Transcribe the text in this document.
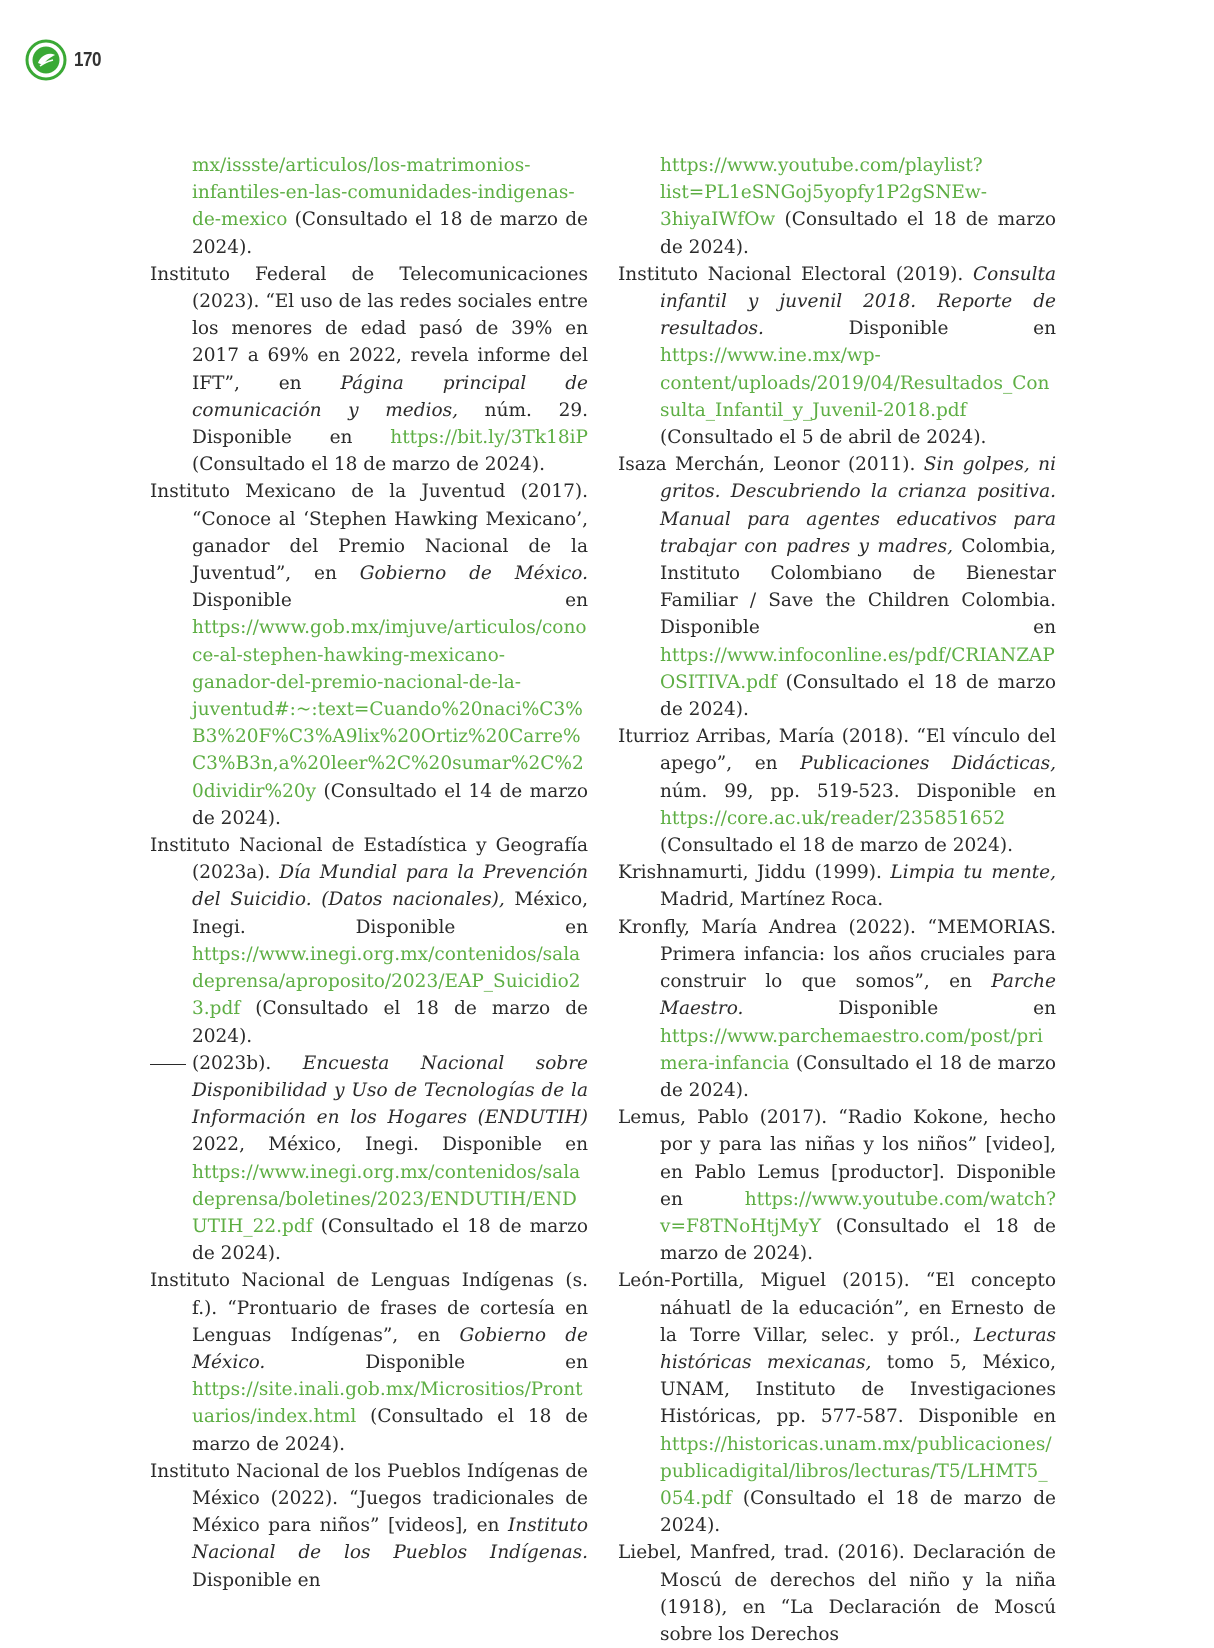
170

mx/issste/articulos/los-matrimonios-infantiles-en-las-comunidades-indigenas-de-mexico (Consultado el 18 de marzo de 2024).

Instituto Federal de Telecomunicaciones (2023). “El uso de las redes sociales entre los menores de edad pasó de 39% en 2017 a 69% en 2022, revela informe del IFT”, en Página principal de comunicación y medios, núm. 29. Disponible en https://bit.ly/3Tk18iP (Consultado el 18 de marzo de 2024).

Instituto Mexicano de la Juventud (2017). “Conoce al ‘Stephen Hawking Mexicano’, ganador del Premio Nacional de la Juventud”, en Gobierno de México. Disponible en https://www.gob.mx/imjuve/articulos/conoce-al-stephen-hawking-mexicano-ganador-del-premio-nacional-de-la-juventud#:~:text=Cuando%20naci%C3%B3%20F%C3%A9lix%20Ortiz%20Carre%C3%B3n,a%20leer%2C%20sumar%2C%20dividir%20y (Consultado el 14 de marzo de 2024).

Instituto Nacional de Estadística y Geografía (2023a). Día Mundial para la Prevención del Suicidio. (Datos nacionales), México, Inegi. Disponible en https://www.inegi.org.mx/contenidos/saladeprensa/aproposito/2023/EAP_Suicidio23.pdf (Consultado el 18 de marzo de 2024).

(2023b). Encuesta Nacional sobre Disponibilidad y Uso de Tecnologías de la Información en los Hogares (ENDUTIH) 2022, México, Inegi. Disponible en https://www.inegi.org.mx/contenidos/saladeprensa/boletines/2023/ENDUTIH/ENDUTIH_22.pdf (Consultado el 18 de marzo de 2024).

Instituto Nacional de Lenguas Indígenas (s. f.). “Prontuario de frases de cortesía en Lenguas Indígenas”, en Gobierno de México. Disponible en https://site.inali.gob.mx/Micrositios/Prontuarios/index.html (Consultado el 18 de marzo de 2024).

Instituto Nacional de los Pueblos Indígenas de México (2022). “Juegos tradicionales de México para niños” [videos], en Instituto Nacional de los Pueblos Indígenas. Disponible en

https://www.youtube.com/playlist?list=PL1eSNGoj5yopfy1P2gSNEw-3hiyaIWfOw (Consultado el 18 de marzo de 2024).

Instituto Nacional Electoral (2019). Consulta infantil y juvenil 2018. Reporte de resultados. Disponible en https://www.ine.mx/wp-content/uploads/2019/04/Resultados_Consulta_Infantil_y_Juvenil-2018.pdf (Consultado el 5 de abril de 2024).

Isaza Merchán, Leonor (2011). Sin golpes, ni gritos. Descubriendo la crianza positiva. Manual para agentes educativos para trabajar con padres y madres, Colombia, Instituto Colombiano de Bienestar Familiar / Save the Children Colombia. Disponible en https://www.infoconline.es/pdf/CRIANZAPOSITIVA.pdf (Consultado el 18 de marzo de 2024).

Iturrioz Arribas, María (2018). “El vínculo del apego”, en Publicaciones Didácticas, núm. 99, pp. 519-523. Disponible en https://core.ac.uk/reader/235851652 (Consultado el 18 de marzo de 2024).

Krishnamurti, Jiddu (1999). Limpia tu mente, Madrid, Martínez Roca.

Kronfly, María Andrea (2022). “MEMORIAS. Primera infancia: los años cruciales para construir lo que somos”, en Parche Maestro. Disponible en https://www.parchemaestro.com/post/primera-infancia (Consultado el 18 de marzo de 2024).

Lemus, Pablo (2017). “Radio Kokone, hecho por y para las niñas y los niños” [video], en Pablo Lemus [productor]. Disponible en https://www.youtube.com/watch?v=F8TNoHtjMyY (Consultado el 18 de marzo de 2024).

León-Portilla, Miguel (2015). “El concepto náhuatl de la educación”, en Ernesto de la Torre Villar, selec. y pról., Lecturas históricas mexicanas, tomo 5, México, UNAM, Instituto de Investigaciones Históricas, pp. 577-587. Disponible en https://historicas.unam.mx/publicaciones/publicadigital/libros/lecturas/T5/LHMT5_054.pdf (Consultado el 18 de marzo de 2024).

Liebel, Manfred, trad. (2016). Declaración de Moscú de derechos del niño y la niña (1918), en “La Declaración de Moscú sobre los Derechos
